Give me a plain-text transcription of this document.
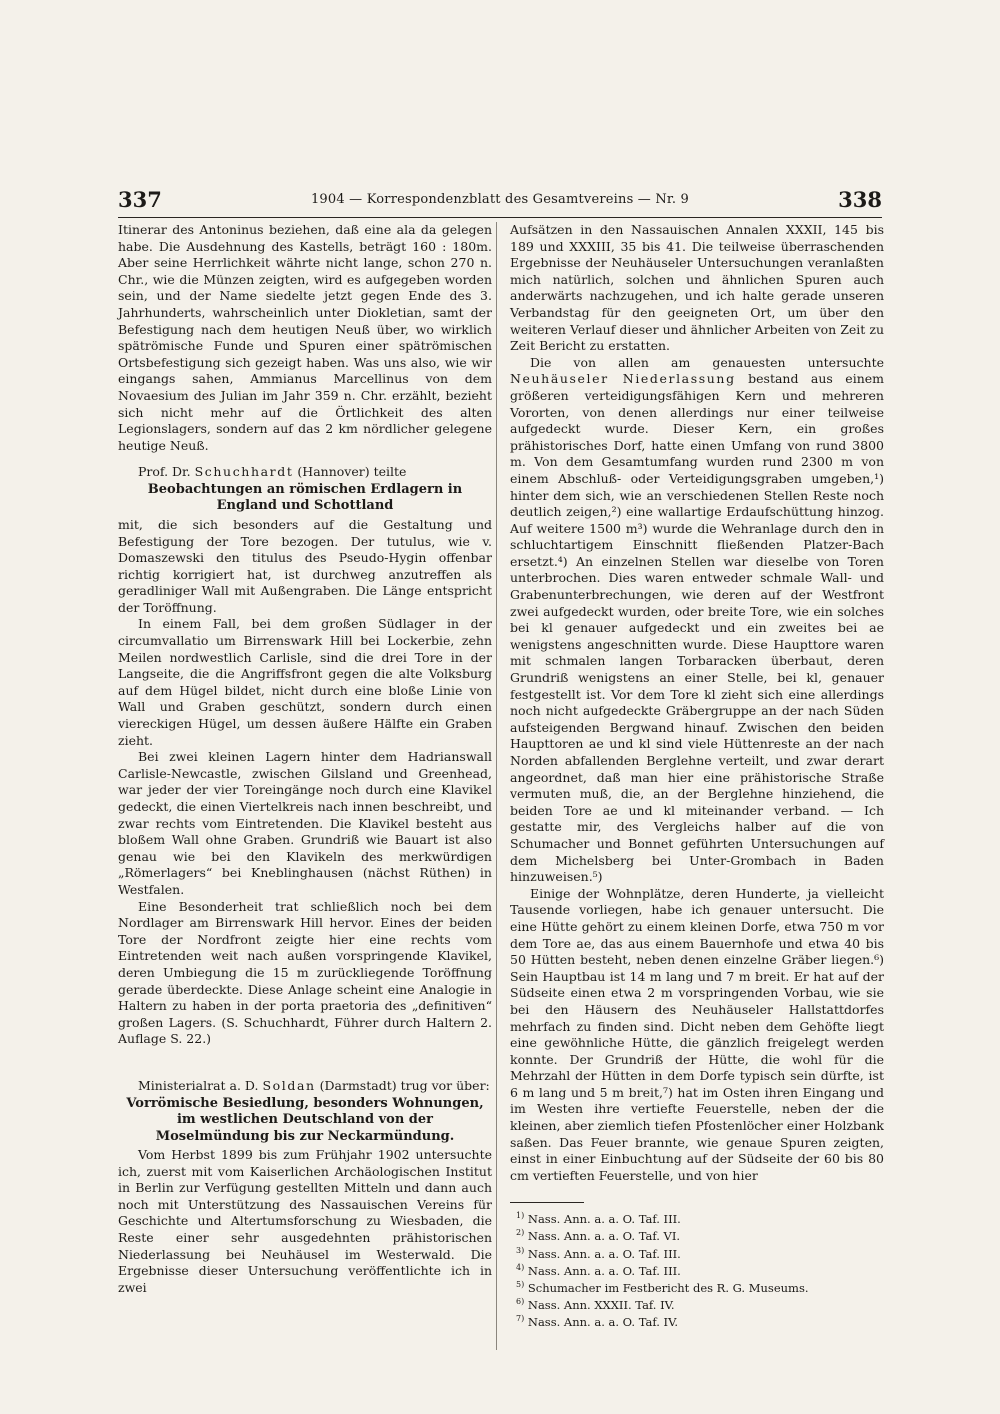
337	1904 — Korrespondenzblatt des Gesamtvereins — Nr. 9	338

Itinerar des Antoninus beziehen, daß eine ala da gelegen habe. Die Ausdehnung des Kastells, beträgt 160 : 180m. Aber seine Herrlichkeit währte nicht lange, schon 270 n. Chr., wie die Münzen zeigten, wird es aufgegeben worden sein, und der Name siedelte jetzt gegen Ende des 3. Jahrhunderts, wahrscheinlich unter Diokletian, samt der Befestigung nach dem heutigen Neuß über, wo wirklich spätrömische Funde und Spuren einer spätrömischen Ortsbefestigung sich gezeigt haben. Was uns also, wie wir eingangs sahen, Ammianus Marcellinus von dem Novaesium des Julian im Jahr 359 n. Chr. erzählt, bezieht sich nicht mehr auf die Örtlichkeit des alten Legionslagers, sondern auf das 2 km nördlicher gelegene heutige Neuß.

Prof. Dr. Schuchhardt (Hannover) teilte

Beobachtungen an römischen Erdlagern in England und Schottland

mit, die sich besonders auf die Gestaltung und Befestigung der Tore bezogen. Der tutulus, wie v. Domaszewski den titulus des Pseudo-Hygin offenbar richtig korrigiert hat, ist durchweg anzutreffen als geradliniger Wall mit Außengraben. Die Länge entspricht der Toröffnung.

In einem Fall, bei dem großen Südlager in der circumvallatio um Birrenswark Hill bei Lockerbie, zehn Meilen nordwestlich Carlisle, sind die drei Tore in der Langseite, die die Angriffsfront gegen die alte Volksburg auf dem Hügel bildet, nicht durch eine bloße Linie von Wall und Graben geschützt, sondern durch einen viereckigen Hügel, um dessen äußere Hälfte ein Graben zieht.

Bei zwei kleinen Lagern hinter dem Hadrianswall Carlisle-Newcastle, zwischen Gilsland und Greenhead, war jeder der vier Toreingänge noch durch eine Klavikel gedeckt, die einen Viertelkreis nach innen beschreibt, und zwar rechts vom Eintretenden. Die Klavikel besteht aus bloßem Wall ohne Graben. Grundriß wie Bauart ist also genau wie bei den Klavikeln des merkwürdigen „Römerlagers“ bei Kneblinghausen (nächst Rüthen) in Westfalen.

Eine Besonderheit trat schließlich noch bei dem Nordlager am Birrenswark Hill hervor. Eines der beiden Tore der Nordfront zeigte hier eine rechts vom Eintretenden weit nach außen vorspringende Klavikel, deren Umbiegung die 15 m zurückliegende Toröffnung gerade überdeckte. Diese Anlage scheint eine Analogie in Haltern zu haben in der porta praetoria des „definitiven“ großen Lagers. (S. Schuchhardt, Führer durch Haltern 2. Auflage S. 22.)

Ministerialrat a. D. Soldan (Darmstadt) trug vor über:

Vorrömische Besiedlung, besonders Wohnungen, im westlichen Deutschland von der Moselmündung bis zur Neckarmündung.

Vom Herbst 1899 bis zum Frühjahr 1902 untersuchte ich, zuerst mit vom Kaiserlichen Archäologischen Institut in Berlin zur Verfügung gestellten Mitteln und dann auch noch mit Unterstützung des Nassauischen Vereins für Geschichte und Altertumsforschung zu Wiesbaden, die Reste einer sehr ausgedehnten prähistorischen Niederlassung bei Neuhäusel im Westerwald. Die Ergebnisse dieser Untersuchung veröffentlichte ich in zwei

Aufsätzen in den Nassauischen Annalen XXXII, 145 bis 189 und XXXIII, 35 bis 41. Die teilweise überraschenden Ergebnisse der Neuhäuseler Untersuchungen veranlaßten mich natürlich, solchen und ähnlichen Spuren auch anderwärts nachzugehen, und ich halte gerade unseren Verbandstag für den geeigneten Ort, um über den weiteren Verlauf dieser und ähnlicher Arbeiten von Zeit zu Zeit Bericht zu erstatten.

Die von allen am genauesten untersuchte Neuhäuseler Niederlassung bestand aus einem größeren verteidigungsfähigen Kern und mehreren Vororten, von denen allerdings nur einer teilweise aufgedeckt wurde. Dieser Kern, ein großes prähistorisches Dorf, hatte einen Umfang von rund 3800 m. Von dem Gesamtumfang wurden rund 2300 m von einem Abschluß- oder Verteidigungsgraben umgeben,¹) hinter dem sich, wie an verschiedenen Stellen Reste noch deutlich zeigen,²) eine wallartige Erdaufschüttung hinzog. Auf weitere 1500 m³) wurde die Wehranlage durch den in schluchtartigem Einschnitt fließenden Platzer-Bach ersetzt.⁴) An einzelnen Stellen war dieselbe von Toren unterbrochen. Dies waren entweder schmale Wall- und Grabenunterbrechungen, wie deren auf der Westfront zwei aufgedeckt wurden, oder breite Tore, wie ein solches bei kl genauer aufgedeckt und ein zweites bei ae wenigstens angeschnitten wurde. Diese Haupttore waren mit schmalen langen Torbaracken überbaut, deren Grundriß wenigstens an einer Stelle, bei kl, genauer festgestellt ist. Vor dem Tore kl zieht sich eine allerdings noch nicht aufgedeckte Gräbergruppe an der nach Süden aufsteigenden Bergwand hinauf. Zwischen den beiden Haupttoren ae und kl sind viele Hüttenreste an der nach Norden abfallenden Berglehne verteilt, und zwar derart angeordnet, daß man hier eine prähistorische Straße vermuten muß, die, an der Berglehne hinziehend, die beiden Tore ae und kl miteinander verband. — Ich gestatte mir, des Vergleichs halber auf die von Schumacher und Bonnet geführten Untersuchungen auf dem Michelsberg bei Unter-Grombach in Baden hinzuweisen.⁵)

Einige der Wohnplätze, deren Hunderte, ja vielleicht Tausende vorliegen, habe ich genauer untersucht. Die eine Hütte gehört zu einem kleinen Dorfe, etwa 750 m vor dem Tore ae, das aus einem Bauernhofe und etwa 40 bis 50 Hütten besteht, neben denen einzelne Gräber liegen.⁶) Sein Hauptbau ist 14 m lang und 7 m breit. Er hat auf der Südseite einen etwa 2 m vorspringenden Vorbau, wie sie bei den Häusern des Neuhäuseler Hallstattdorfes mehrfach zu finden sind. Dicht neben dem Gehöfte liegt eine gewöhnliche Hütte, die gänzlich freigelegt werden konnte. Der Grundriß der Hütte, die wohl für die Mehrzahl der Hütten in dem Dorfe typisch sein dürfte, ist 6 m lang und 5 m breit,⁷) hat im Osten ihren Eingang und im Westen ihre vertiefte Feuerstelle, neben der die kleinen, aber ziemlich tiefen Pfostenlöcher einer Holzbank saßen. Das Feuer brannte, wie genaue Spuren zeigten, einst in einer Einbuchtung auf der Südseite der 60 bis 80 cm vertieften Feuerstelle, und von hier

$^{1)}$ Nass. Ann. a. a. O. Taf. III.

$^{2)}$ Nass. Ann. a. a. O. Taf. VI.

$^{3)}$ Nass. Ann. a. a. O. Taf. III.

$^{4)}$ Nass. Ann. a. a. O. Taf. III.

$^{5)}$ Schumacher im Festbericht des R. G. Museums.

$^{6)}$ Nass. Ann. XXXII. Taf. IV.

$^{7)}$ Nass. Ann. a. a. O. Taf. IV.
